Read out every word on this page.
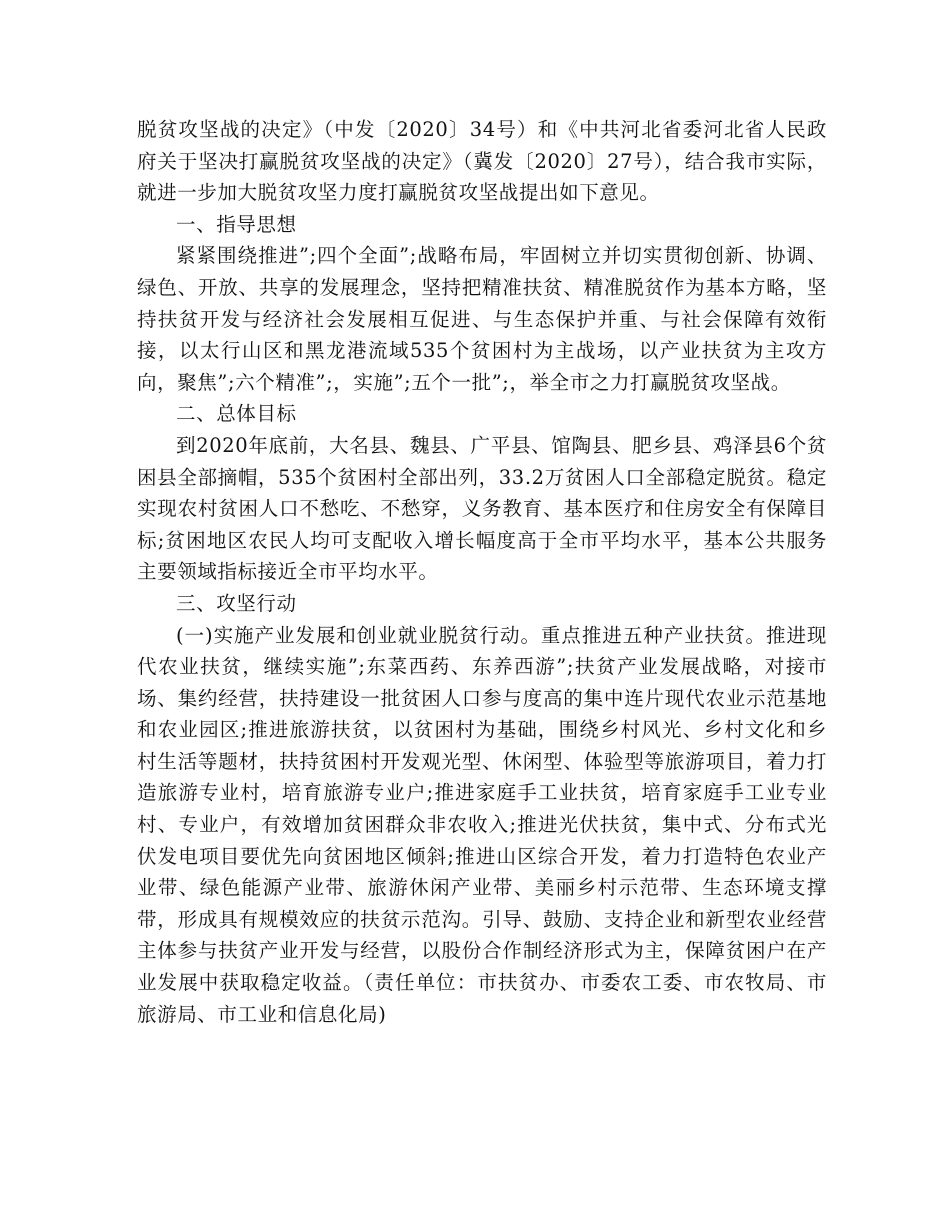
脱贫攻坚战的决定》（中发〔2020〕34号）和《中共河北省委河北省人民政府关于坚决打赢脱贫攻坚战的决定》（冀发〔2020〕27号），结合我市实际，就进一步加大脱贫攻坚力度打赢脱贫攻坚战提出如下意见。

一、指导思想

紧紧围绕推进”;四个全面”;战略布局，牢固树立并切实贯彻创新、协调、绿色、开放、共享的发展理念，坚持把精准扶贫、精准脱贫作为基本方略，坚持扶贫开发与经济社会发展相互促进、与生态保护并重、与社会保障有效衔接，以太行山区和黑龙港流域535个贫困村为主战场，以产业扶贫为主攻方向，聚焦”;六个精准”;，实施”;五个一批”;，举全市之力打赢脱贫攻坚战。

二、总体目标

到2020年底前，大名县、魏县、广平县、馆陶县、肥乡县、鸡泽县6个贫困县全部摘帽，535个贫困村全部出列，33.2万贫困人口全部稳定脱贫。稳定实现农村贫困人口不愁吃、不愁穿，义务教育、基本医疗和住房安全有保障目标;贫困地区农民人均可支配收入增长幅度高于全市平均水平，基本公共服务主要领域指标接近全市平均水平。

三、攻坚行动

(一)实施产业发展和创业就业脱贫行动。重点推进五种产业扶贫。推进现代农业扶贫，继续实施”;东菜西药、东养西游”;扶贫产业发展战略，对接市场、集约经营，扶持建设一批贫困人口参与度高的集中连片现代农业示范基地和农业园区;推进旅游扶贫，以贫困村为基础，围绕乡村风光、乡村文化和乡村生活等题材，扶持贫困村开发观光型、休闲型、体验型等旅游项目，着力打造旅游专业村，培育旅游专业户;推进家庭手工业扶贫，培育家庭手工业专业村、专业户，有效增加贫困群众非农收入;推进光伏扶贫，集中式、分布式光伏发电项目要优先向贫困地区倾斜;推进山区综合开发，着力打造特色农业产业带、绿色能源产业带、旅游休闲产业带、美丽乡村示范带、生态环境支撑带，形成具有规模效应的扶贫示范沟。引导、鼓励、支持企业和新型农业经营主体参与扶贫产业开发与经营，以股份合作制经济形式为主，保障贫困户在产业发展中获取稳定收益。（责任单位：市扶贫办、市委农工委、市农牧局、市旅游局、市工业和信息化局)
